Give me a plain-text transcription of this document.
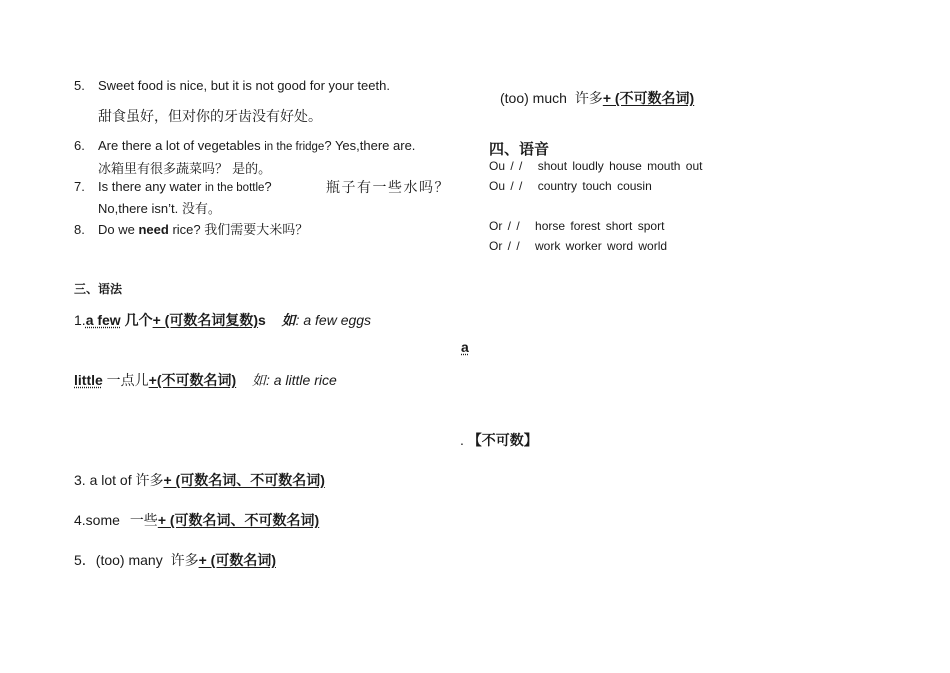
5. Sweet food is nice, but it is not good for your teeth.
甜食虽好，但对你的牙齿没有好处。
6. Are there a lot of vegetables in the fridge? Yes,there are.
冰箱里有很多蔬菜吗？ 是的。
7. Is there any water in the bottle?	瓶子有一些水吗？
No,there isn’t. 没有。
8. Do we need rice? 我们需要大米吗？
三、语法
1.a few 几个+ (可数名词复数)s 如: a few eggs
a
little 一点儿+(不可数名词) 如: a little rice
. 【不可数】
3. a lot of 许多+ (可数名词、不可数名词)
4.some 一些+ (可数名词、不可数名词)
5．(too) many 许多+ (可数名词)
(too) much 许多+ (不可数名词)
四、语音
Ou / / shout loudly house mouth out
Ou / / country touch cousin
Or / / horse forest short sport
Or / / work worker word world
